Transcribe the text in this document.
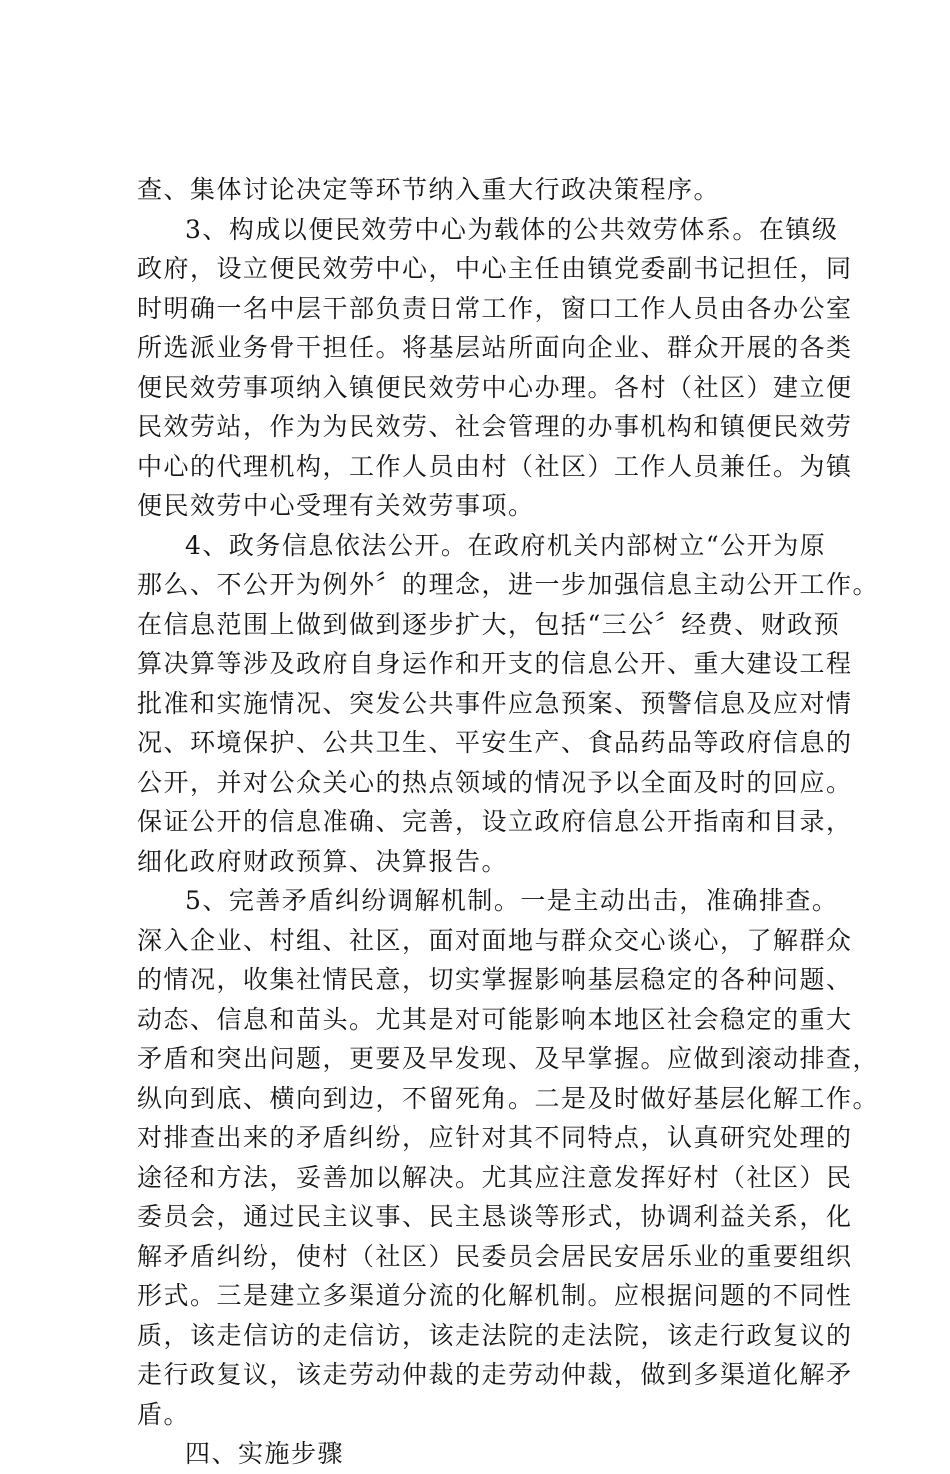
查、集体讨论决定等环节纳入重大行政决策程序。
3、构成以便民效劳中心为载体的公共效劳体系。在镇级
政府，设立便民效劳中心，中心主任由镇党委副书记担任，同
时明确一名中层干部负责日常工作，窗口工作人员由各办公室
所选派业务骨干担任。将基层站所面向企业、群众开展的各类
便民效劳事项纳入镇便民效劳中心办理。各村（社区）建立便
民效劳站，作为为民效劳、社会管理的办事机构和镇便民效劳
中心的代理机构，工作人员由村（社区）工作人员兼任。为镇
便民效劳中心受理有关效劳事项。
4、政务信息依法公开。在政府机关内部树立“公开为原
那么、不公开为例外〞的理念，进一步加强信息主动公开工作。
在信息范围上做到做到逐步扩大，包括“三公〞经费、财政预
算决算等涉及政府自身运作和开支的信息公开、重大建设工程
批准和实施情况、突发公共事件应急预案、预警信息及应对情
况、环境保护、公共卫生、平安生产、食品药品等政府信息的
公开，并对公众关心的热点领域的情况予以全面及时的回应。
保证公开的信息准确、完善，设立政府信息公开指南和目录，
细化政府财政预算、决算报告。
5、完善矛盾纠纷调解机制。一是主动出击，准确排查。
深入企业、村组、社区，面对面地与群众交心谈心，了解群众
的情况，收集社情民意，切实掌握影响基层稳定的各种问题、
动态、信息和苗头。尤其是对可能影响本地区社会稳定的重大
矛盾和突出问题，更要及早发现、及早掌握。应做到滚动排查，
纵向到底、横向到边，不留死角。二是及时做好基层化解工作。
对排查出来的矛盾纠纷，应针对其不同特点，认真研究处理的
途径和方法，妥善加以解决。尤其应注意发挥好村（社区）民
委员会，通过民主议事、民主恳谈等形式，协调利益关系，化
解矛盾纠纷，使村（社区）民委员会居民安居乐业的重要组织
形式。三是建立多渠道分流的化解机制。应根据问题的不同性
质，该走信访的走信访，该走法院的走法院，该走行政复议的
走行政复议，该走劳动仲裁的走劳动仲裁，做到多渠道化解矛
盾。
四、实施步骤
